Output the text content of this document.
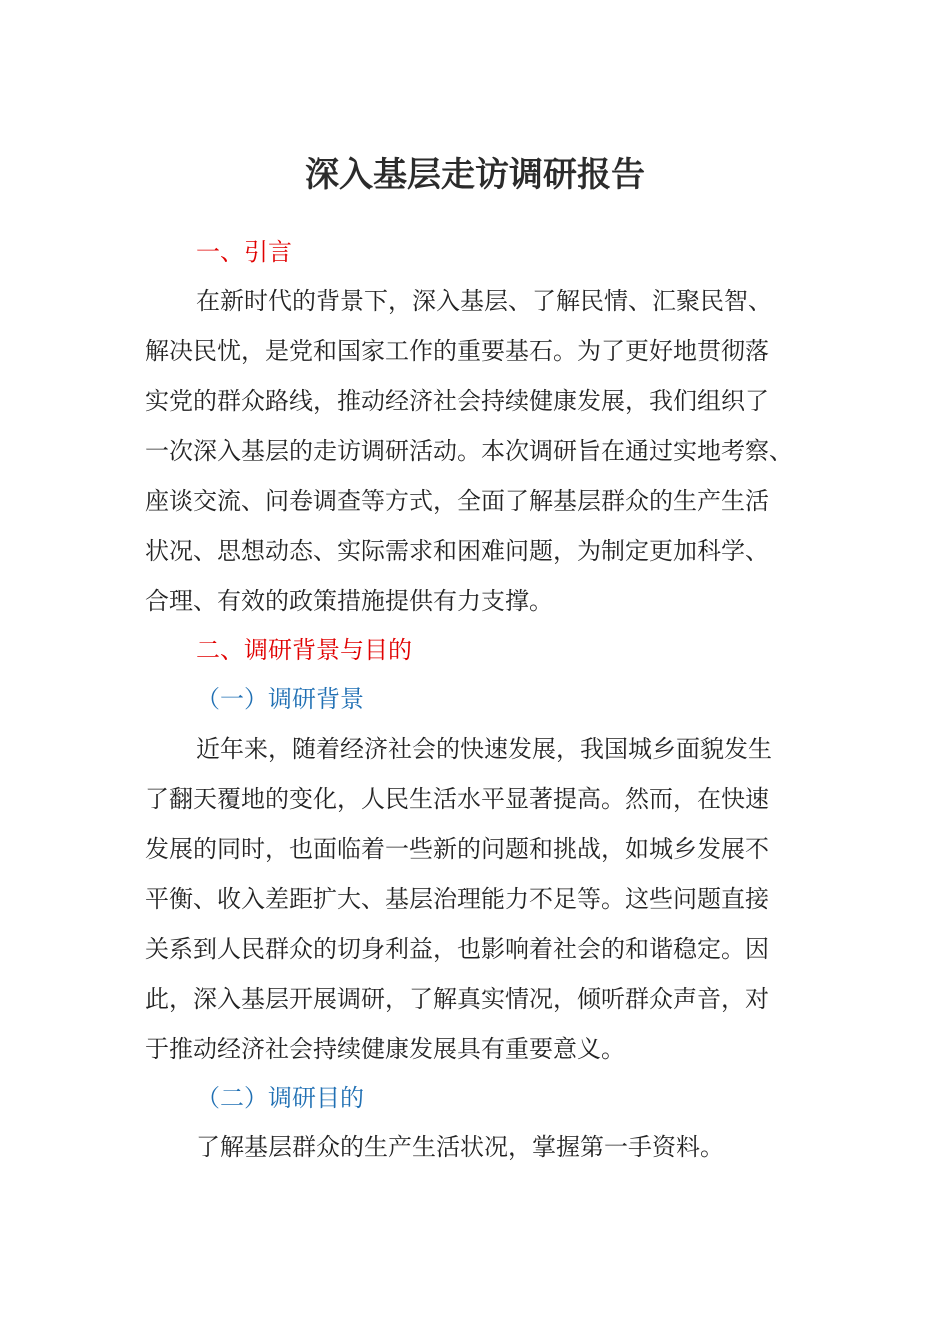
深入基层走访调研报告
一、引言
在新时代的背景下，深入基层、了解民情、汇聚民智、
解决民忧，是党和国家工作的重要基石。为了更好地贯彻落
实党的群众路线，推动经济社会持续健康发展，我们组织了
一次深入基层的走访调研活动。本次调研旨在通过实地考察、
座谈交流、问卷调查等方式，全面了解基层群众的生产生活
状况、思想动态、实际需求和困难问题，为制定更加科学、
合理、有效的政策措施提供有力支撑。
二、调研背景与目的
（一）调研背景
近年来，随着经济社会的快速发展，我国城乡面貌发生
了翻天覆地的变化，人民生活水平显著提高。然而，在快速
发展的同时，也面临着一些新的问题和挑战，如城乡发展不
平衡、收入差距扩大、基层治理能力不足等。这些问题直接
关系到人民群众的切身利益，也影响着社会的和谐稳定。因
此，深入基层开展调研，了解真实情况，倾听群众声音，对
于推动经济社会持续健康发展具有重要意义。
（二）调研目的
了解基层群众的生产生活状况，掌握第一手资料。
